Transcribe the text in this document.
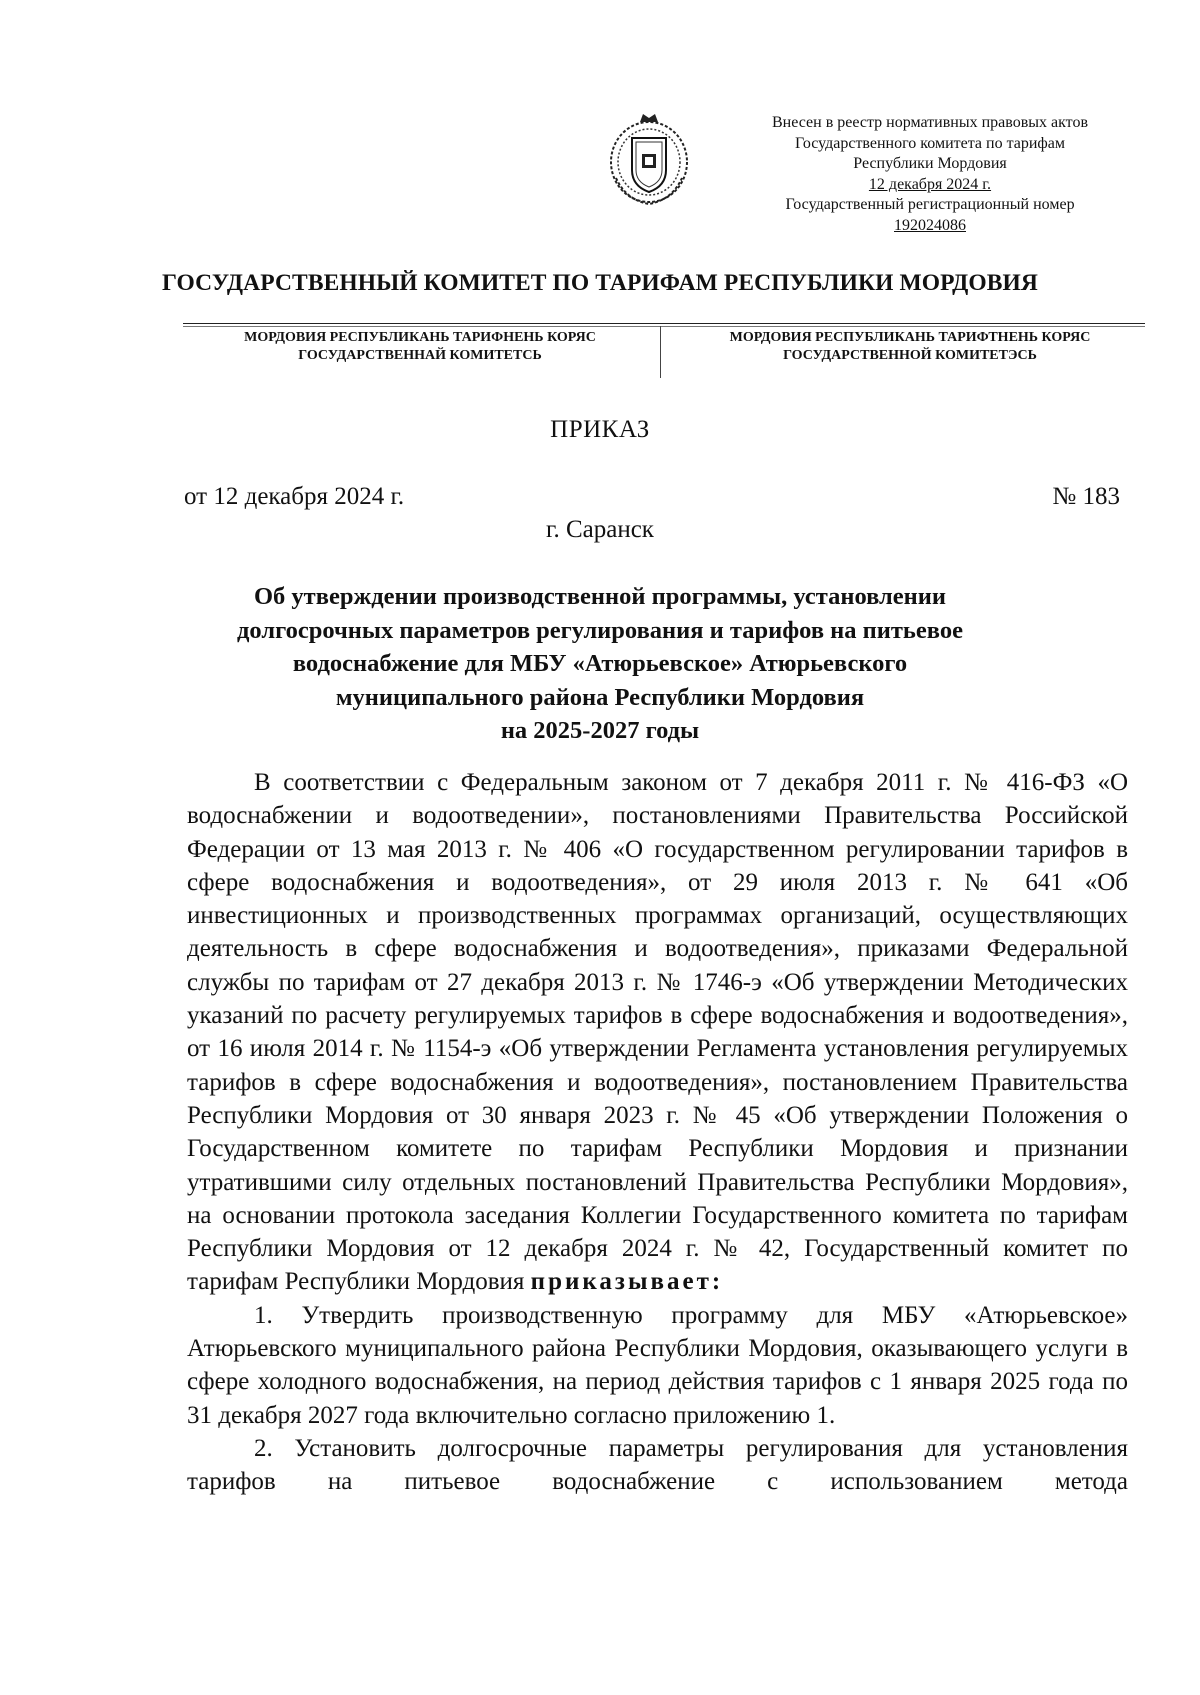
Внесен в реестр нормативных правовых актов
Государственного комитета по тарифам
Республики Мордовия
12 декабря 2024 г.
Государственный регистрационный номер
192024086
ГОСУДАРСТВЕННЫЙ КОМИТЕТ ПО ТАРИФАМ РЕСПУБЛИКИ МОРДОВИЯ
МОРДОВИЯ РЕСПУБЛИКАНЬ ТАРИФНЕНЬ КОРЯС
ГОСУДАРСТВЕННАЙ КОМИТЕТСЬ
МОРДОВИЯ РЕСПУБЛИКАНЬ ТАРИФТНЕНЬ КОРЯС
ГОСУДАРСТВЕННОЙ КОМИТЕТЭСЬ
ПРИКАЗ
от 12 декабря 2024 г.	№ 183
г. Саранск
Об утверждении производственной программы, установлении
долгосрочных параметров регулирования и тарифов на питьевое
водоснабжение для МБУ «Атюрьевское» Атюрьевского
муниципального района Республики Мордовия
на 2025-2027 годы

В соответствии с Федеральным законом от 7 декабря 2011 г. № 416-ФЗ «О водоснабжении и водоотведении», постановлениями Правительства Российской Федерации от 13 мая 2013 г. № 406 «О государственном регулировании тарифов в сфере водоснабжения и водоотведения», от 29 июля 2013 г. № 641 «Об инвестиционных и производственных программах организаций, осуществляющих деятельность в сфере водоснабжения и водоотведения», приказами Федеральной службы по тарифам от 27 декабря 2013 г. № 1746-э «Об утверждении Методических указаний по расчету регулируемых тарифов в сфере водоснабжения и водоотведения», от 16 июля 2014 г. № 1154-э «Об утверждении Регламента установления регулируемых тарифов в сфере водоснабжения и водоотведения», постановлением Правительства Республики Мордовия от 30 января 2023 г. № 45 «Об утверждении Положения о Государственном комитете по тарифам Республики Мордовия и признании утратившими силу отдельных постановлений Правительства Республики Мордовия», на основании протокола заседания Коллегии Государственного комитета по тарифам Республики Мордовия от 12 декабря 2024 г. № 42, Государственный комитет по тарифам Республики Мордовия приказывает:

1. Утвердить производственную программу для МБУ «Атюрьевское» Атюрьевского муниципального района Республики Мордовия, оказывающего услуги в сфере холодного водоснабжения, на период действия тарифов с 1 января 2025 года по 31 декабря 2027 года включительно согласно приложению 1.

2. Установить долгосрочные параметры регулирования для установления тарифов на питьевое водоснабжение с использованием метода
